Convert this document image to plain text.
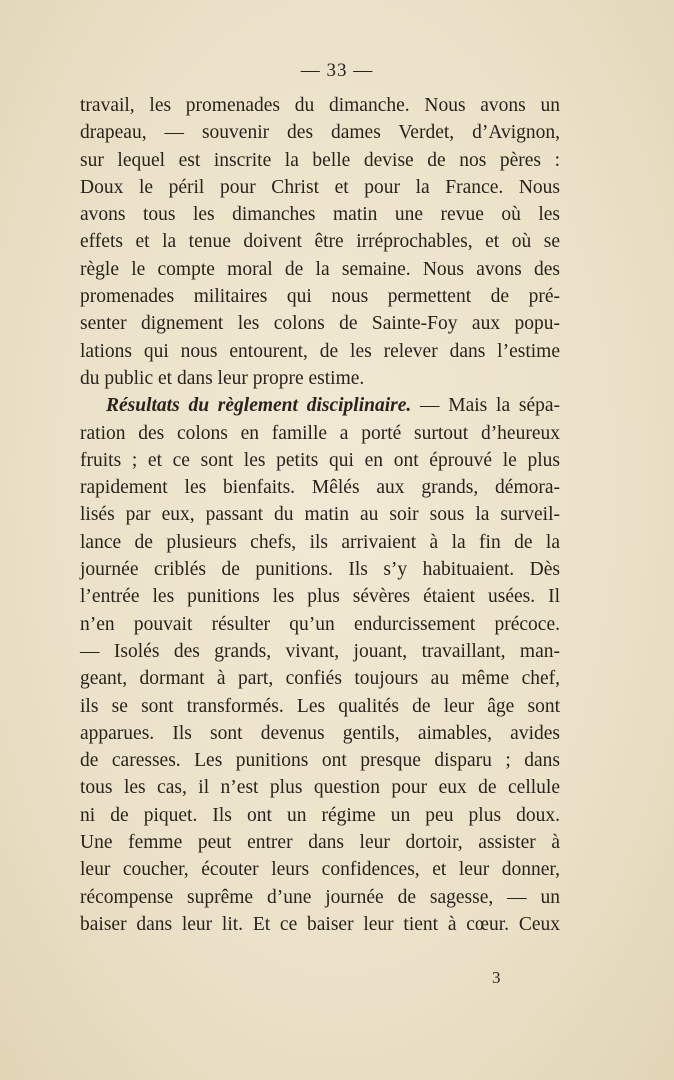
— 33 —
travail, les promenades du dimanche. Nous avons un
drapeau, — souvenir des dames Verdet, d’Avignon,
sur lequel est inscrite la belle devise de nos pères :
Doux le péril pour Christ et pour la France. Nous
avons tous les dimanches matin une revue où les
effets et la tenue doivent être irréprochables, et où se
règle le compte moral de la semaine. Nous avons des
promenades militaires qui nous permettent de pré-
senter dignement les colons de Sainte-Foy aux popu-
lations qui nous entourent, de les relever dans l’estime
du public et dans leur propre estime.
Résultats du règlement disciplinaire. — Mais la sépa-
ration des colons en famille a porté surtout d’heureux
fruits ; et ce sont les petits qui en ont éprouvé le plus
rapidement les bienfaits. Mêlés aux grands, démora-
lisés par eux, passant du matin au soir sous la surveil-
lance de plusieurs chefs, ils arrivaient à la fin de la
journée criblés de punitions. Ils s’y habituaient. Dès
l’entrée les punitions les plus sévères étaient usées. Il
n’en pouvait résulter qu’un endurcissement précoce.
— Isolés des grands, vivant, jouant, travaillant, man-
geant, dormant à part, confiés toujours au même chef,
ils se sont transformés. Les qualités de leur âge sont
apparues. Ils sont devenus gentils, aimables, avides
de caresses. Les punitions ont presque disparu ; dans
tous les cas, il n’est plus question pour eux de cellule
ni de piquet. Ils ont un régime un peu plus doux.
Une femme peut entrer dans leur dortoir, assister à
leur coucher, écouter leurs confidences, et leur donner,
récompense suprême d’une journée de sagesse, — un
baiser dans leur lit. Et ce baiser leur tient à cœur. Ceux
3
